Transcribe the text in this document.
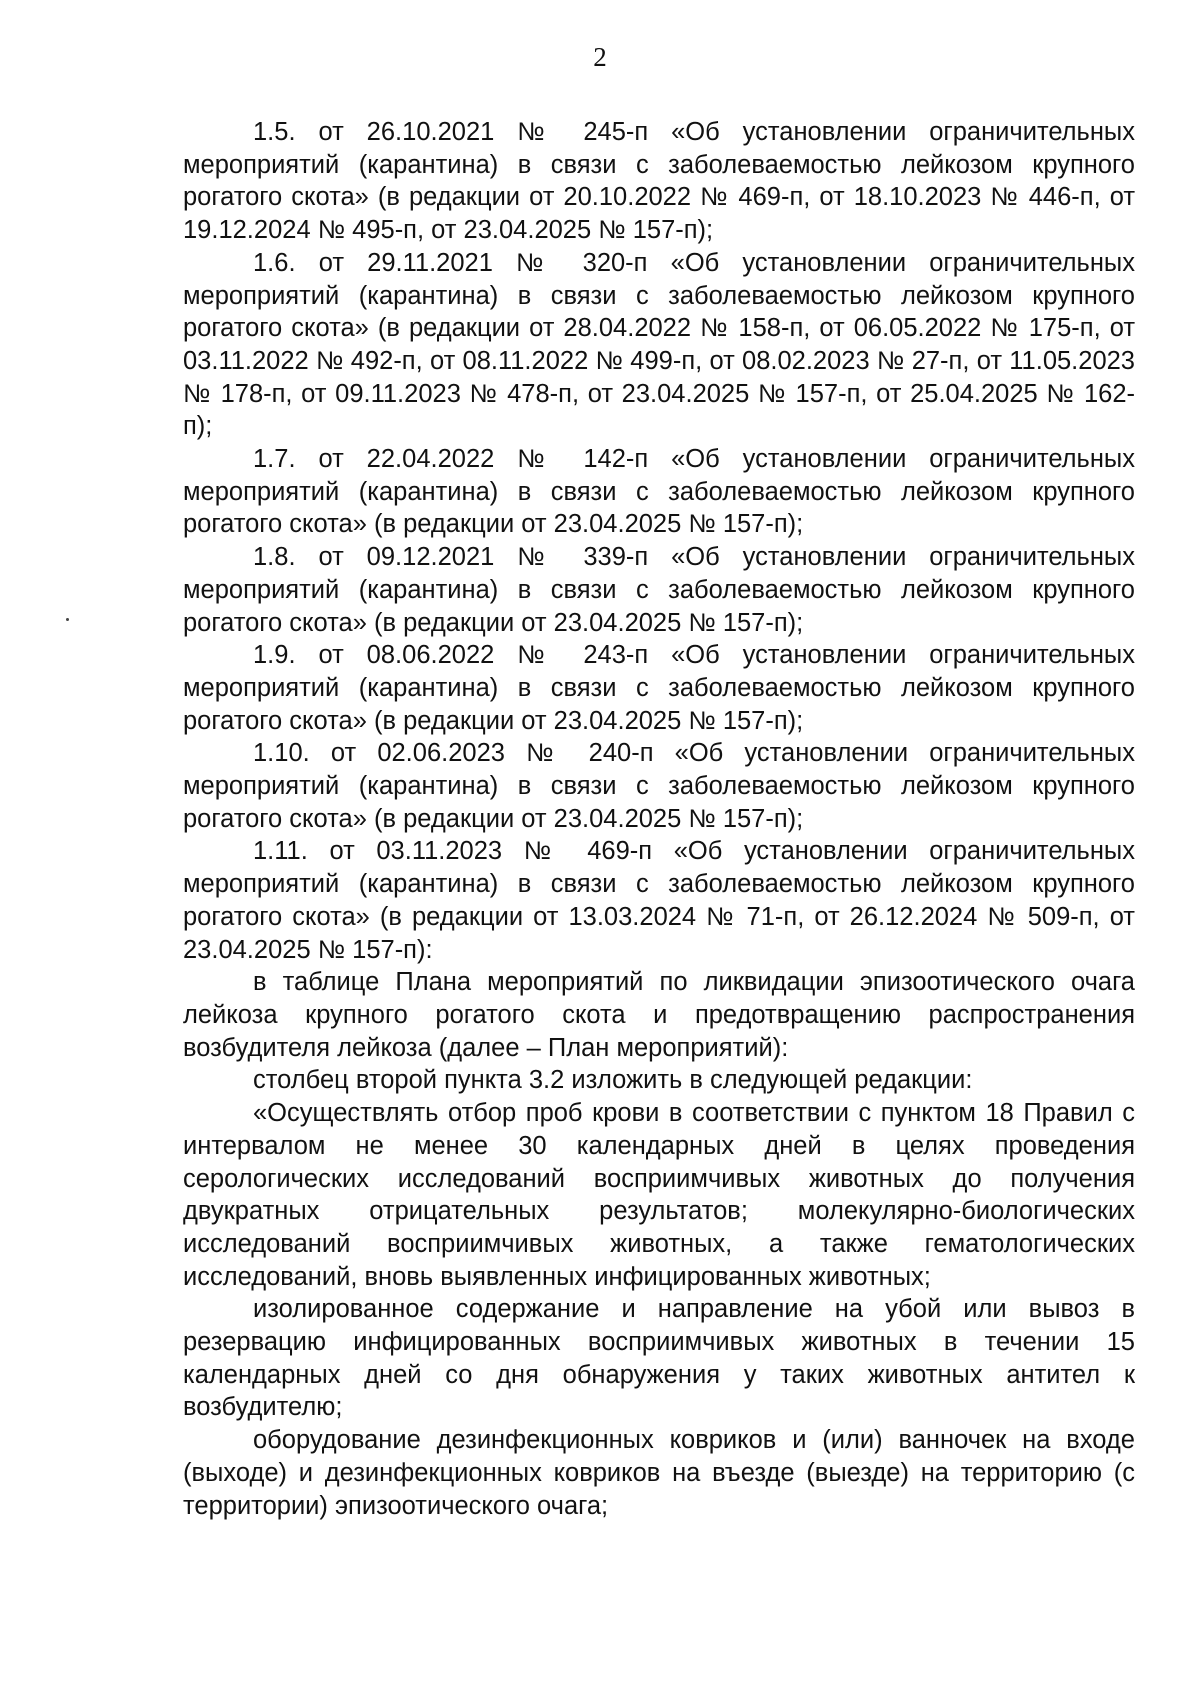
2

1.5. от 26.10.2021 № 245-п «Об установлении ограничительных мероприятий (карантина) в связи с заболеваемостью лейкозом крупного рогатого скота» (в редакции от 20.10.2022 № 469-п, от 18.10.2023 № 446-п, от 19.12.2024 № 495-п, от 23.04.2025 № 157-п);

1.6. от 29.11.2021 № 320-п «Об установлении ограничительных мероприятий (карантина) в связи с заболеваемостью лейкозом крупного рогатого скота» (в редакции от 28.04.2022 № 158-п, от 06.05.2022 № 175-п, от 03.11.2022 № 492-п, от 08.11.2022 № 499-п, от 08.02.2023 № 27-п, от 11.05.2023 № 178-п, от 09.11.2023 № 478-п, от 23.04.2025 № 157-п, от 25.04.2025 № 162-п);

1.7. от 22.04.2022 № 142-п «Об установлении ограничительных мероприятий (карантина) в связи с заболеваемостью лейкозом крупного рогатого скота» (в редакции от 23.04.2025 № 157-п);

1.8. от 09.12.2021 № 339-п «Об установлении ограничительных мероприятий (карантина) в связи с заболеваемостью лейкозом крупного рогатого скота» (в редакции от 23.04.2025 № 157-п);

1.9. от 08.06.2022 № 243-п «Об установлении ограничительных мероприятий (карантина) в связи с заболеваемостью лейкозом крупного рогатого скота» (в редакции от 23.04.2025 № 157-п);

1.10. от 02.06.2023 № 240-п «Об установлении ограничительных мероприятий (карантина) в связи с заболеваемостью лейкозом крупного рогатого скота» (в редакции от 23.04.2025 № 157-п);

1.11. от 03.11.2023 № 469-п «Об установлении ограничительных мероприятий (карантина) в связи с заболеваемостью лейкозом крупного рогатого скота» (в редакции от 13.03.2024 № 71-п, от 26.12.2024 № 509-п, от 23.04.2025 № 157-п):

в таблице Плана мероприятий по ликвидации эпизоотического очага лейкоза крупного рогатого скота и предотвращению распространения возбудителя лейкоза (далее – План мероприятий):

столбец второй пункта 3.2 изложить в следующей редакции:

«Осуществлять отбор проб крови в соответствии с пунктом 18 Правил с интервалом не менее 30 календарных дней в целях проведения серологических исследований восприимчивых животных до получения двукратных отрицательных результатов; молекулярно-биологических исследований восприимчивых животных, а также гематологических исследований, вновь выявленных инфицированных животных;

изолированное содержание и направление на убой или вывоз в резервацию инфицированных восприимчивых животных в течении 15 календарных дней со дня обнаружения у таких животных антител к возбудителю;

оборудование дезинфекционных ковриков и (или) ванночек на входе (выходе) и дезинфекционных ковриков на въезде (выезде) на территорию (с территории) эпизоотического очага;
